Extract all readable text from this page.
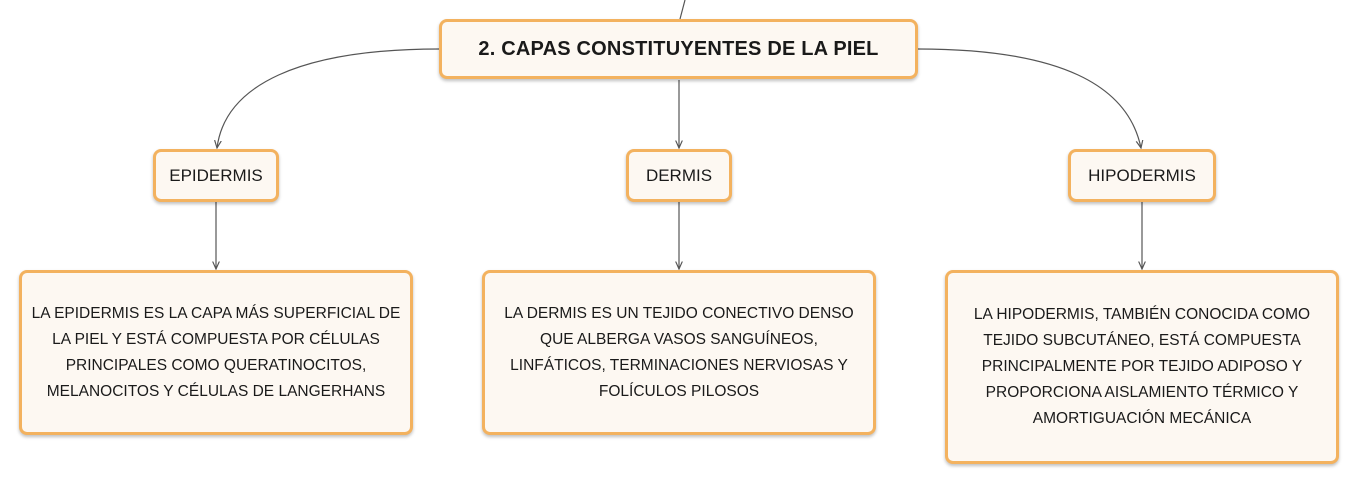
2. CAPAS CONSTITUYENTES DE LA PIEL
EPIDERMIS	DERMIS	HIPODERMIS
LA EPIDERMIS ES LA CAPA MÁS SUPERFICIAL DE LA PIEL Y ESTÁ COMPUESTA POR CÉLULAS PRINCIPALES COMO QUERATINOCITOS, MELANOCITOS Y CÉLULAS DE LANGERHANS
LA DERMIS ES UN TEJIDO CONECTIVO DENSO QUE ALBERGA VASOS SANGUÍNEOS, LINFÁTICOS, TERMINACIONES NERVIOSAS Y FOLÍCULOS PILOSOS
LA HIPODERMIS, TAMBIÉN CONOCIDA COMO TEJIDO SUBCUTÁNEO, ESTÁ COMPUESTA PRINCIPALMENTE POR TEJIDO ADIPOSO Y PROPORCIONA AISLAMIENTO TÉRMICO Y AMORTIGUACIÓN MECÁNICA
